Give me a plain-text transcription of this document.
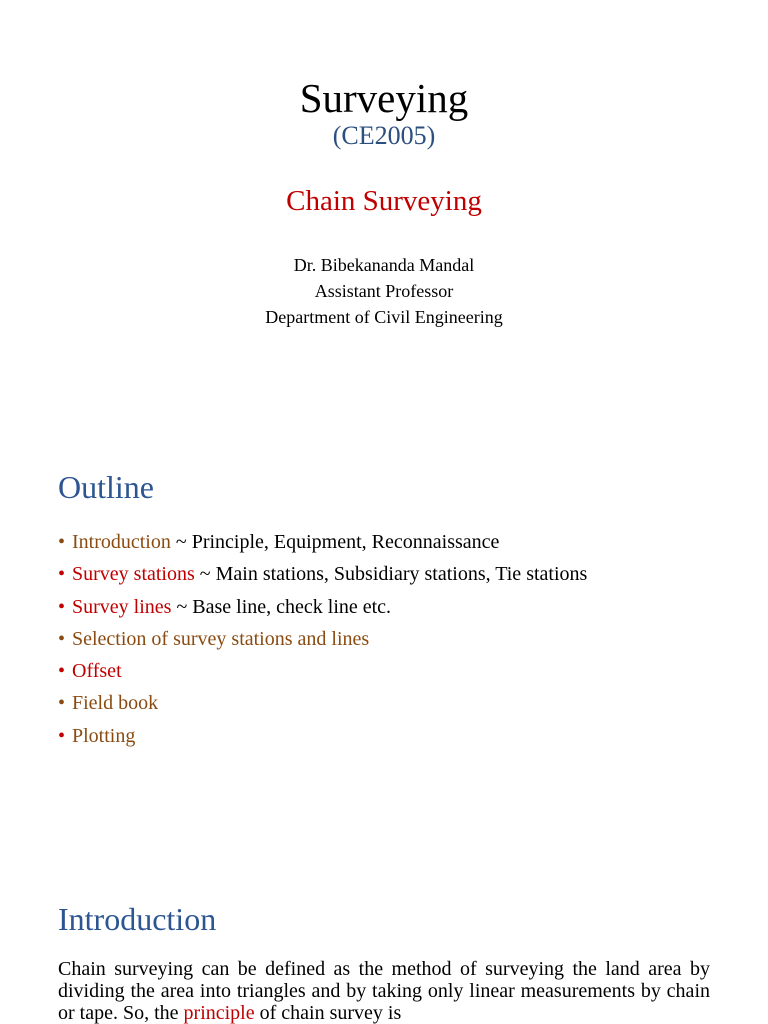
Surveying
(CE2005)
Chain Surveying
Dr. Bibekananda Mandal
Assistant Professor
Department of Civil Engineering
Outline
• Introduction ~ Principle, Equipment, Reconnaissance
• Survey stations ~ Main stations, Subsidiary stations, Tie stations
• Survey lines ~ Base line, check line etc.
• Selection of survey stations and lines
• Offset
• Field book
• Plotting
Introduction

Chain surveying can be defined as the method of surveying the land area by dividing the area into triangles and by taking only linear measurements by chain or tape. So, the principle of chain survey is
